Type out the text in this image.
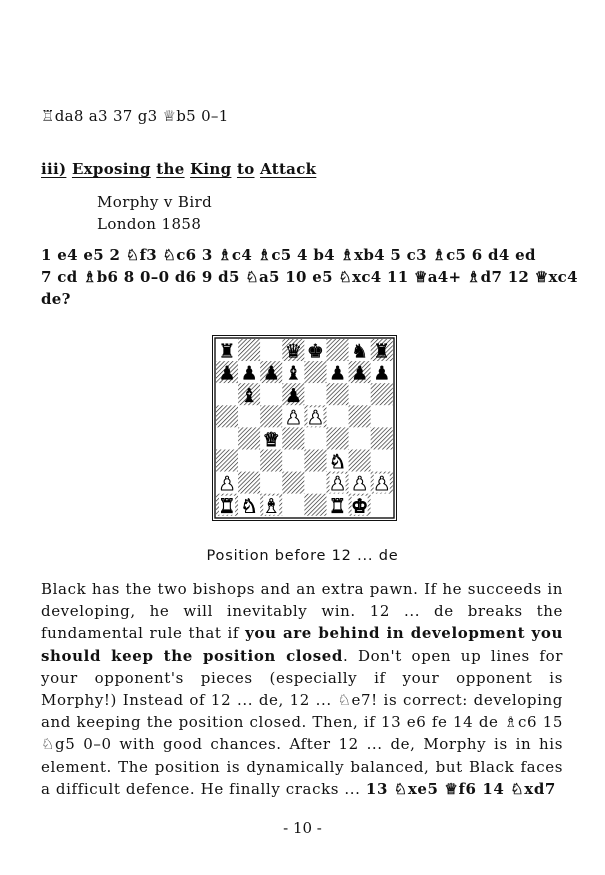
♖da8 a3 37 g3 ♕b5 0–1
iii) Exposing the King to Attack
Morphy v Bird
London 1858
1 e4 e5 2 ♘f3 ♘c6 3 ♗c4 ♗c5 4 b4 ♗xb4 5 c3 ♗c5 6 d4 ed
7 cd ♗b6 8 0–0 d6 9 d5 ♘a5 10 e5 ♘xc4 11 ♕a4+ ♗d7 12 ♕xc4
de?
♜	♛ ♚ ♞ ♜
♟ ♟ ♟ ♝ ♟ ♟ ♟
♝ ♟
♟ ♟
♛
♞
♟	♟ ♟ ♟
♜ ♞ ♝	♜ ♚
Position before 12 ... de
Black has the two bishops and an extra pawn. If he succeeds in developing, he will inevitably win. 12 ... de breaks the fundamental rule that if you are behind in development you should keep the position closed. Don't open up lines for your opponent's pieces (especially if your opponent is Morphy!) Instead of 12 ... de, 12 ... ♘e7! is correct: developing and keeping the position closed. Then, if 13 e6 fe 14 de ♗c6 15 ♘g5 0–0 with good chances. After 12 ... de, Morphy is in his element. The position is dynamically balanced, but Black faces a difficult defence. He finally cracks ... 13 ♘xe5 ♕f6 14 ♘xd7
- 10 -
